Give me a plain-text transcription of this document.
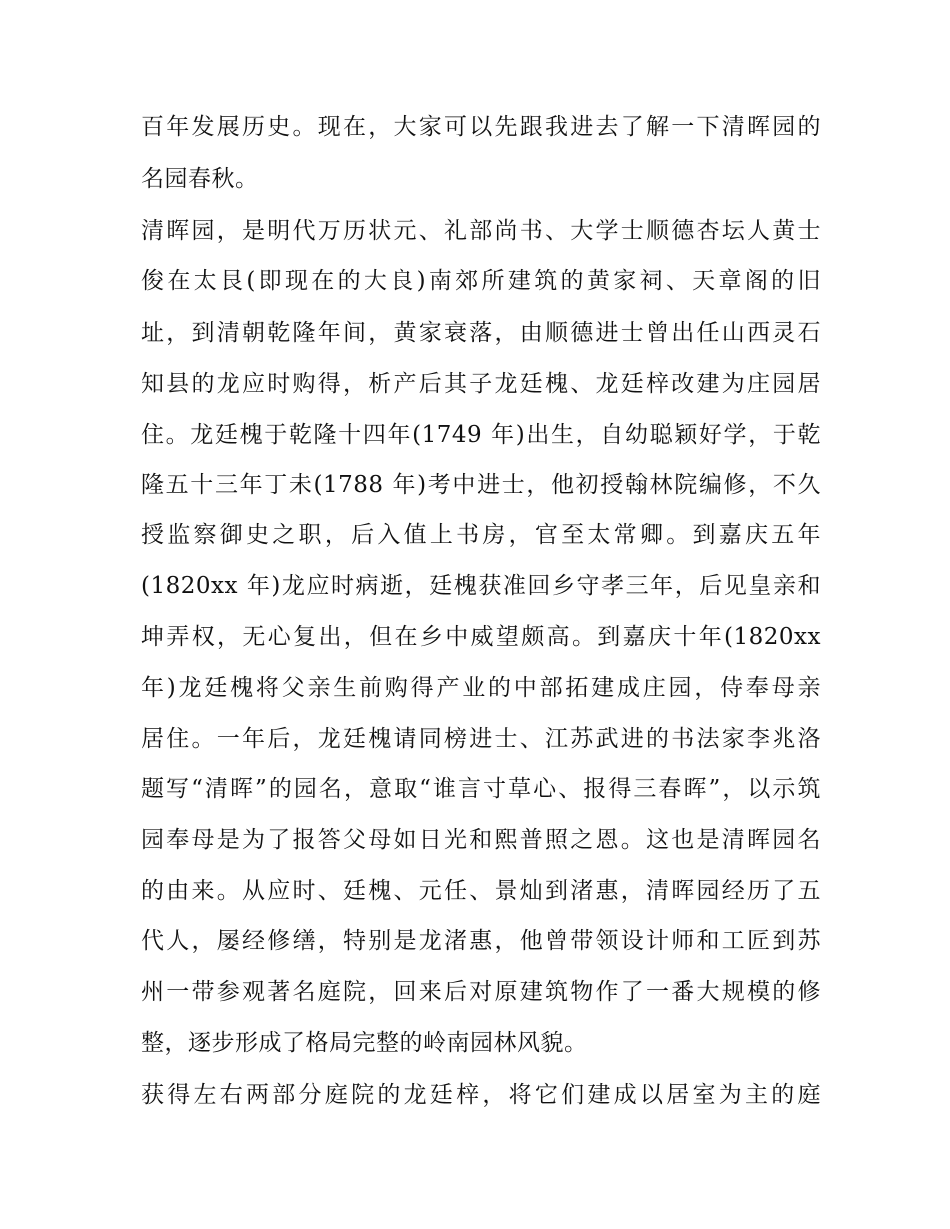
百年发展历史。现在，大家可以先跟我进去了解一下清晖园的
名园春秋。
清晖园，是明代万历状元、礼部尚书、大学士顺德杏坛人黄士
俊在太艮(即现在的大良)南郊所建筑的黄家祠、天章阁的旧
址，到清朝乾隆年间，黄家衰落，由顺德进士曾出任山西灵石
知县的龙应时购得，析产后其子龙廷槐、龙廷梓改建为庄园居
住。龙廷槐于乾隆十四年(1749 年)出生，自幼聪颖好学，于乾
隆五十三年丁未(1788 年)考中进士，他初授翰林院编修，不久
授监察御史之职，后入值上书房，官至太常卿。到嘉庆五年
(1820xx 年)龙应时病逝，廷槐获准回乡守孝三年，后见皇亲和
坤弄权，无心复出，但在乡中威望颇高。到嘉庆十年(1820xx
年)龙廷槐将父亲生前购得产业的中部拓建成庄园，侍奉母亲
居住。一年后，龙廷槐请同榜进士、江苏武进的书法家李兆洛
题写“清晖”的园名，意取“谁言寸草心、报得三春晖”，以示筑
园奉母是为了报答父母如日光和熙普照之恩。这也是清晖园名
的由来。从应时、廷槐、元任、景灿到渚惠，清晖园经历了五
代人，屡经修缮，特别是龙渚惠，他曾带领设计师和工匠到苏
州一带参观著名庭院，回来后对原建筑物作了一番大规模的修
整，逐步形成了格局完整的岭南园林风貌。
获得左右两部分庭院的龙廷梓，将它们建成以居室为主的庭
